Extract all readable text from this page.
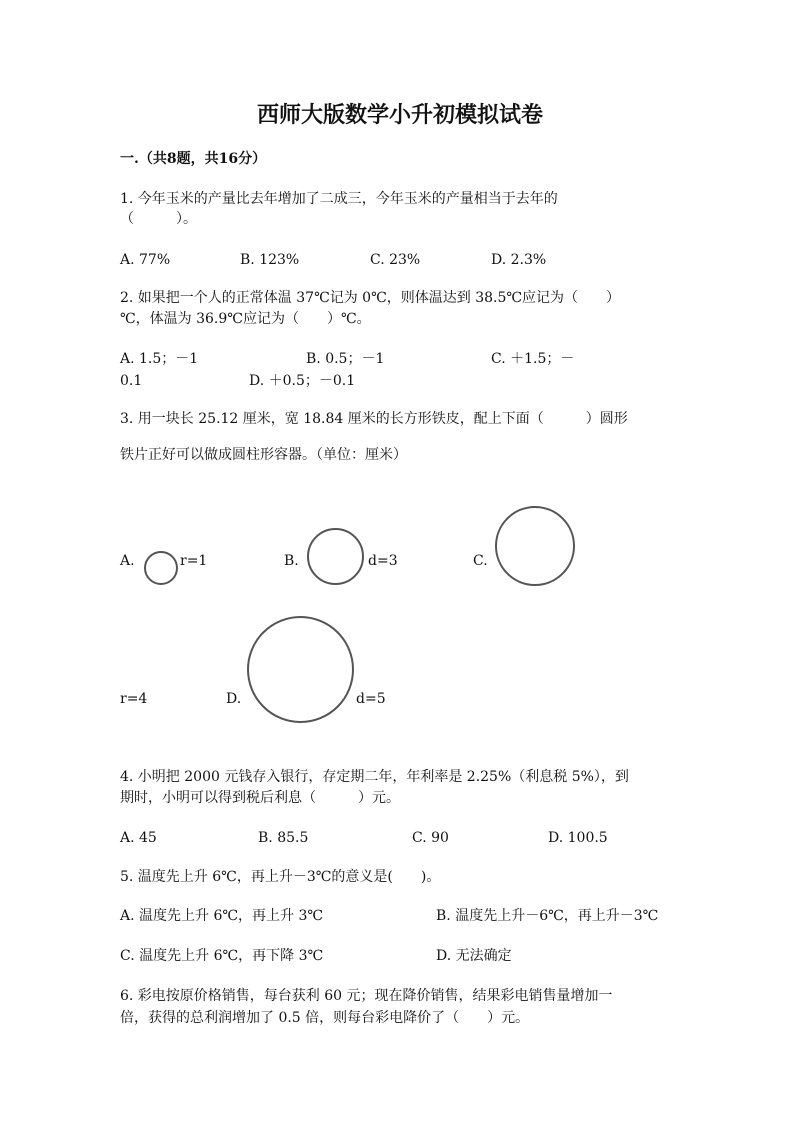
西师大版数学小升初模拟试卷
一.（共8题，共16分）
1. 今年玉米的产量比去年增加了二成三，今年玉米的产量相当于去年的
（　　　）。
A. 77%	B. 123%	C. 23%	D. 2.3%
2. 如果把一个人的正常体温 37℃记为 0℃，则体温达到 38.5℃应记为（　　）
℃，体温为 36.9℃应记为（　　）℃。
A. 1.5；－1	B. 0.5；－1	C. ＋1.5；－
0.1	D. ＋0.5；－0.1
3. 用一块长 25.12 厘米，宽 18.84 厘米的长方形铁皮，配上下面（　　　）圆形
铁片正好可以做成圆柱形容器。（单位：厘米）
A.	r=1	B.	d=3	C.
r=4	D.	d=5
4. 小明把 2000 元钱存入银行，存定期二年，年利率是 2.25%（利息税 5%），到
期时，小明可以得到税后利息（　　　）元。
A. 45	B. 85.5	C. 90	D. 100.5
5. 温度先上升 6℃，再上升－3℃的意义是(　　)。
A. 温度先上升 6℃，再上升 3℃	B. 温度先上升－6℃，再上升－3℃
C. 温度先上升 6℃，再下降 3℃	D. 无法确定
6. 彩电按原价格销售，每台获利 60 元；现在降价销售，结果彩电销售量增加一
倍，获得的总利润增加了 0.5 倍，则每台彩电降价了（　　）元。
